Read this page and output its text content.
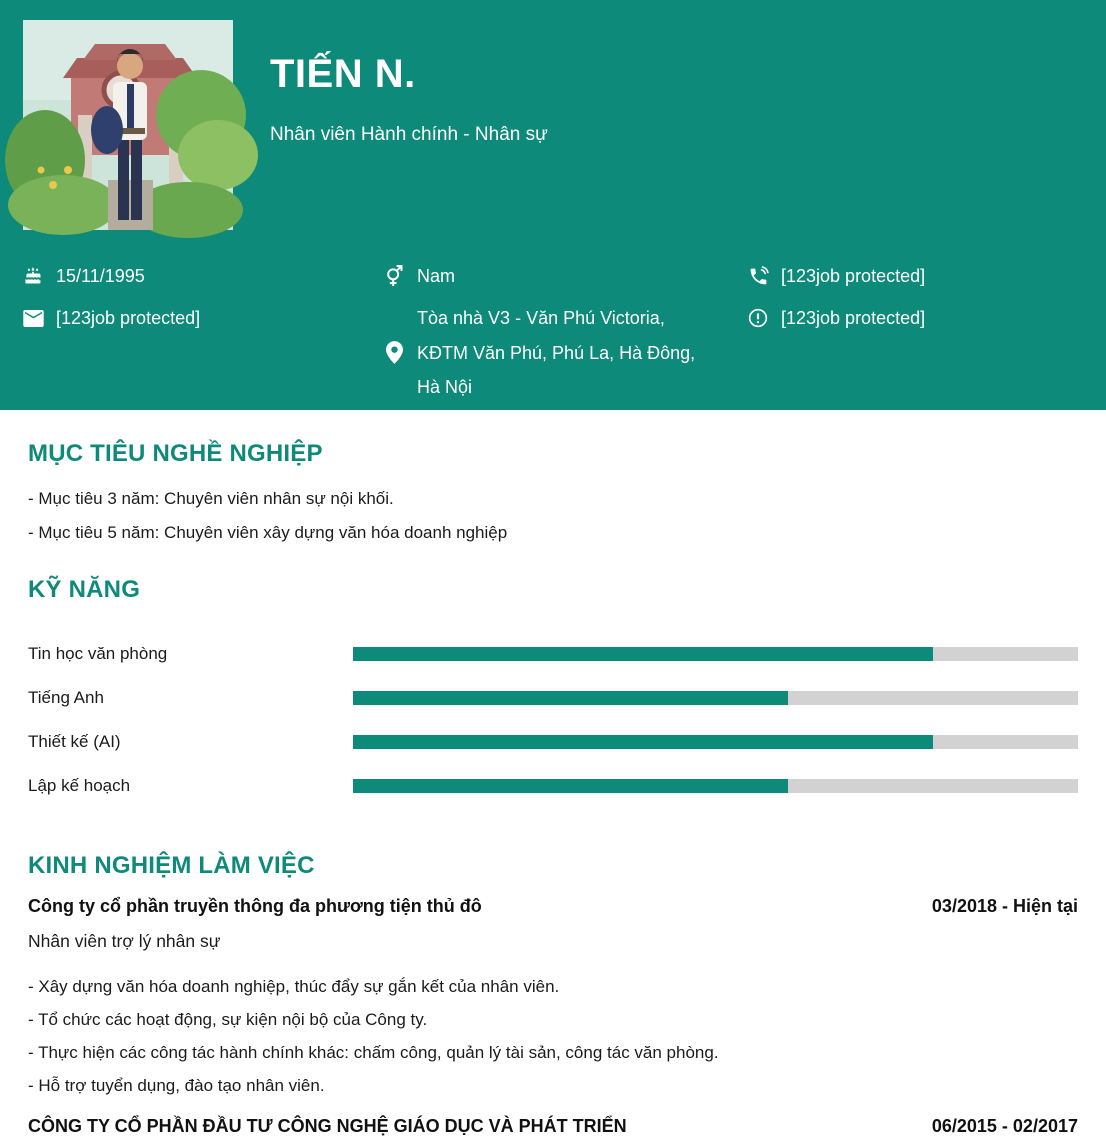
TIẾN N.
Nhân viên Hành chính - Nhân sự
15/11/1995
[123job protected]
Nam
Tòa nhà V3 - Văn Phú Victoria,
KĐTM Văn Phú, Phú La, Hà Đông,
Hà Nội
[123job protected]
[123job protected]
MỤC TIÊU NGHỀ NGHIỆP
- Mục tiêu 3 năm: Chuyên viên nhân sự nội khối.
- Mục tiêu 5 năm: Chuyên viên xây dựng văn hóa doanh nghiệp
KỸ NĂNG
Tin học văn phòng
Tiếng Anh
Thiết kế (AI)
Lập kế hoạch
KINH NGHIỆM LÀM VIỆC
Công ty cổ phần truyền thông đa phương tiện thủ đô	03/2018 - Hiện tại
Nhân viên trợ lý nhân sự
- Xây dựng văn hóa doanh nghiệp, thúc đẩy sự gắn kết của nhân viên.
- Tổ chức các hoạt động, sự kiện nội bộ của Công ty.
- Thực hiện các công tác hành chính khác: chấm công, quản lý tài sản, công tác văn phòng.
- Hỗ trợ tuyển dụng, đào tạo nhân viên.
CÔNG TY CỔ PHẦN ĐẦU TƯ CÔNG NGHỆ GIÁO DỤC VÀ PHÁT TRIỂN	06/2015 - 02/2017
